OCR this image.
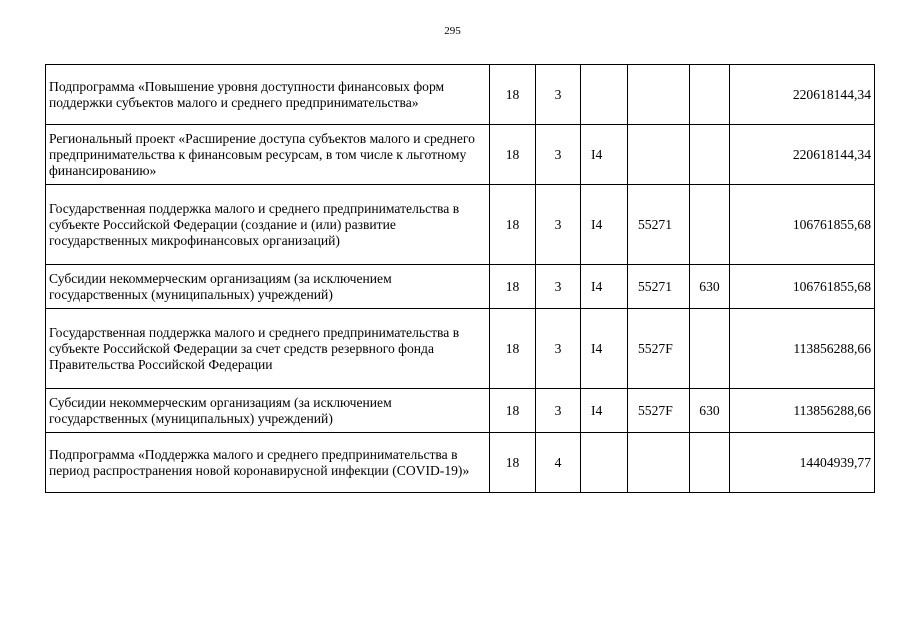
295
Подпрограмма «Повышение уровня доступности финансовых форм поддержки субъектов малого и среднего предпринимательства»	18	3				220618144,34
Региональный проект «Расширение доступа субъектов малого и среднего предпринимательства к финансовым ресурсам, в том числе к льготному финансированию»	18	3	I4			220618144,34
Государственная поддержка малого и среднего предпринимательства в субъекте Российской Федерации (создание и (или) развитие государственных микрофинансовых организаций)	18	3	I4	55271		106761855,68
Субсидии некоммерческим организациям (за исключением государственных (муниципальных) учреждений)	18	3	I4	55271	630	106761855,68
Государственная поддержка малого и среднего предпринимательства в субъекте Российской Федерации за счет средств резервного фонда Правительства Российской Федерации	18	3	I4	5527F		113856288,66
Субсидии некоммерческим организациям (за исключением государственных (муниципальных) учреждений)	18	3	I4	5527F	630	113856288,66
Подпрограмма «Поддержка малого и среднего предпринимательства в период распространения новой коронавирусной инфекции (COVID-19)»	18	4				14404939,77
